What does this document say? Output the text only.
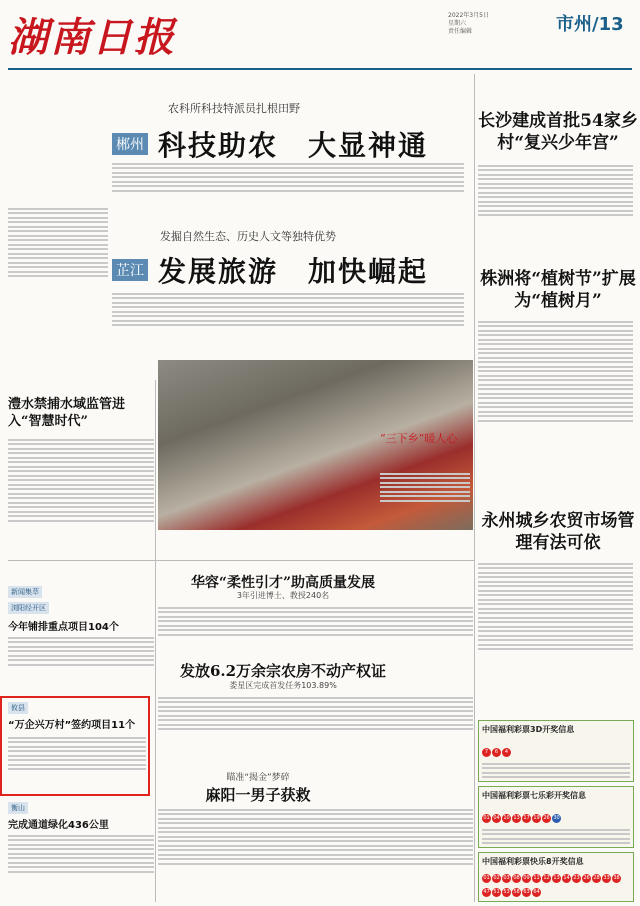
湖南日报	2022年3月5日
星期六
责任编辑	市州/13
农科所科技特派员扎根田野
郴州 科技助农　大显神通
发掘自然生态、历史人文等独特优势
芷江 发展旅游　加快崛起
长沙建成首批54家乡村“复兴少年宫”
株洲将“植树节”扩展为“植树月”
澧水禁捕水域监管进入“智慧时代”
“三下乡”暖人心
永州城乡农贸市场管理有法可依
华容“柔性引才”助高质量发展
3年引进博士、教授240名
新闻集萃
浏阳经开区
今年铺排重点项目104个
攸县
“万企兴万村”签约项目11个
衡山
完成通道绿化436公里
发放6.2万余宗农房不动产权证
娄星区完成首发任务103.89%
瞄准“揭金”梦碎
麻阳一男子获救
中国福利彩票3D开奖信息
7 6 4
中国福利彩票七乐彩开奖信息
01 04 10 13 17 19 26 30
中国福利彩票快乐8开奖信息
01 02 03 08 09 11 12 13 14 23 26 28 33 3847 51 53 58 63 64
